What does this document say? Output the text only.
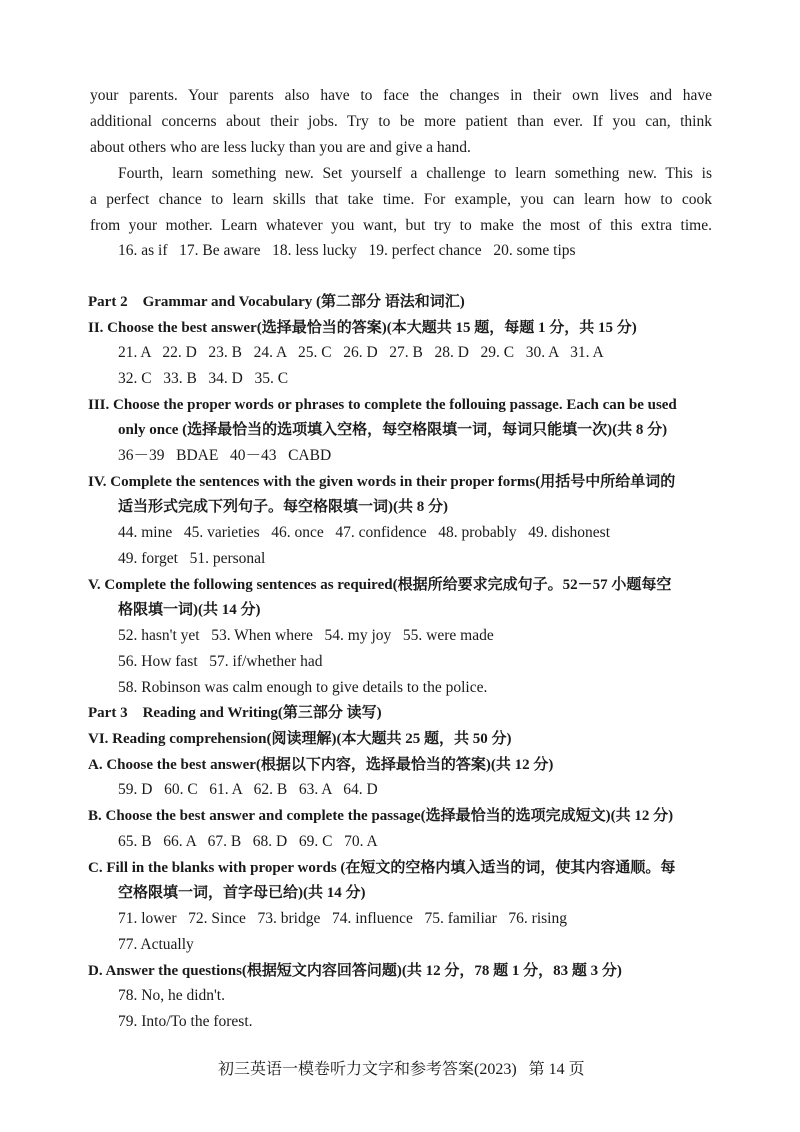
your parents. Your parents also have to face the changes in their own lives and have
additional concerns about their jobs. Try to be more patient than ever. If you can, think
about others who are less lucky than you are and give a hand.
Fourth, learn something new. Set yourself a challenge to learn something new. This is
a perfect chance to learn skills that take time. For example, you can learn how to cook
from your mother. Learn whatever you want, but try to make the most of this extra time.
16. as if   17. Be aware   18. less lucky   19. perfect chance   20. some tips
Part 2    Grammar and Vocabulary (第二部分 语法和词汇)
II. Choose the best answer(选择最恰当的答案)(本大题共 15 题，每题 1 分，共 15 分)
21. A   22. D   23. B   24. A   25. C   26. D   27. B   28. D   29. C   30. A   31. A
32. C   33. B   34. D   35. C
III. Choose the proper words or phrases to complete the follouing passage. Each can be used
only once (选择最恰当的选项填入空格，每空格限填一词，每词只能填一次)(共 8 分)
36－39   BDAE   40－43   CABD
IV. Complete the sentences with the given words in their proper forms(用括号中所给单词的
适当形式完成下列句子。每空格限填一词)(共 8 分)
44. mine   45. varieties   46. once   47. confidence   48. probably   49. dishonest
49. forget   51. personal
V. Complete the following sentences as required(根据所给要求完成句子。52－57 小题每空
格限填一词)(共 14 分)
52. hasn't yet   53. When where   54. my joy   55. were made
56. How fast   57. if/whether had
58. Robinson was calm enough to give details to the police.
Part 3    Reading and Writing(第三部分 读写)
VI. Reading comprehension(阅读理解)(本大题共 25 题，共 50 分)
A. Choose the best answer(根据以下内容，选择最恰当的答案)(共 12 分)
59. D   60. C   61. A   62. B   63. A   64. D
B. Choose the best answer and complete the passage(选择最恰当的选项完成短文)(共 12 分)
65. B   66. A   67. B   68. D   69. C   70. A
C. Fill in the blanks with proper words (在短文的空格内填入适当的词，使其内容通顺。每
空格限填一词，首字母已给)(共 14 分)
71. lower   72. Since   73. bridge   74. influence   75. familiar   76. rising
77. Actually
D. Answer the questions(根据短文内容回答问题)(共 12 分，78 题 1 分，83 题 3 分)
78. No, he didn't.
79. Into/To the forest.
初三英语一模卷听力文字和参考答案(2023)   第 14 页
